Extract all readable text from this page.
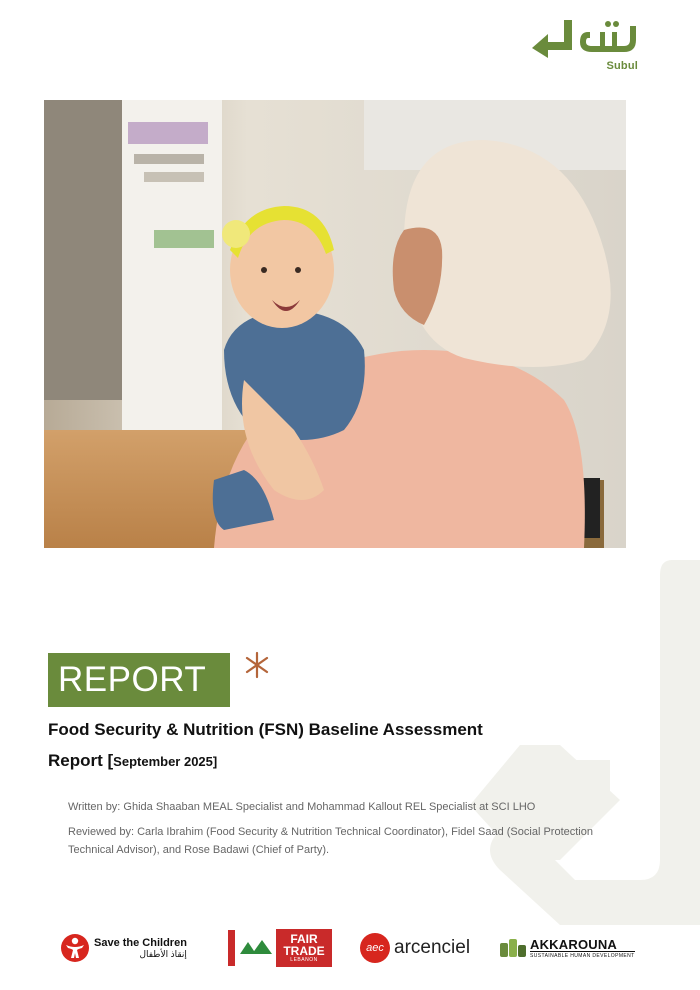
Subul
REPORT
Food Security & Nutrition (FSN) Baseline Assessment
Report [September 2025]

Written by: Ghida Shaaban MEAL Specialist and Mohammad Kallout REL Specialist at SCI LHO

Reviewed by: Carla Ibrahim (Food Security & Nutrition Technical Coordinator), Fidel Saad (Social Protection Technical Advisor), and Rose Badawi (Chief of Party).

Save the Children
إنقاذ الأطفال
FAIR
TRADE
LEBANON
aec arcenciel	AKKAROUNA
SUSTAINABLE HUMAN DEVELOPMENT
